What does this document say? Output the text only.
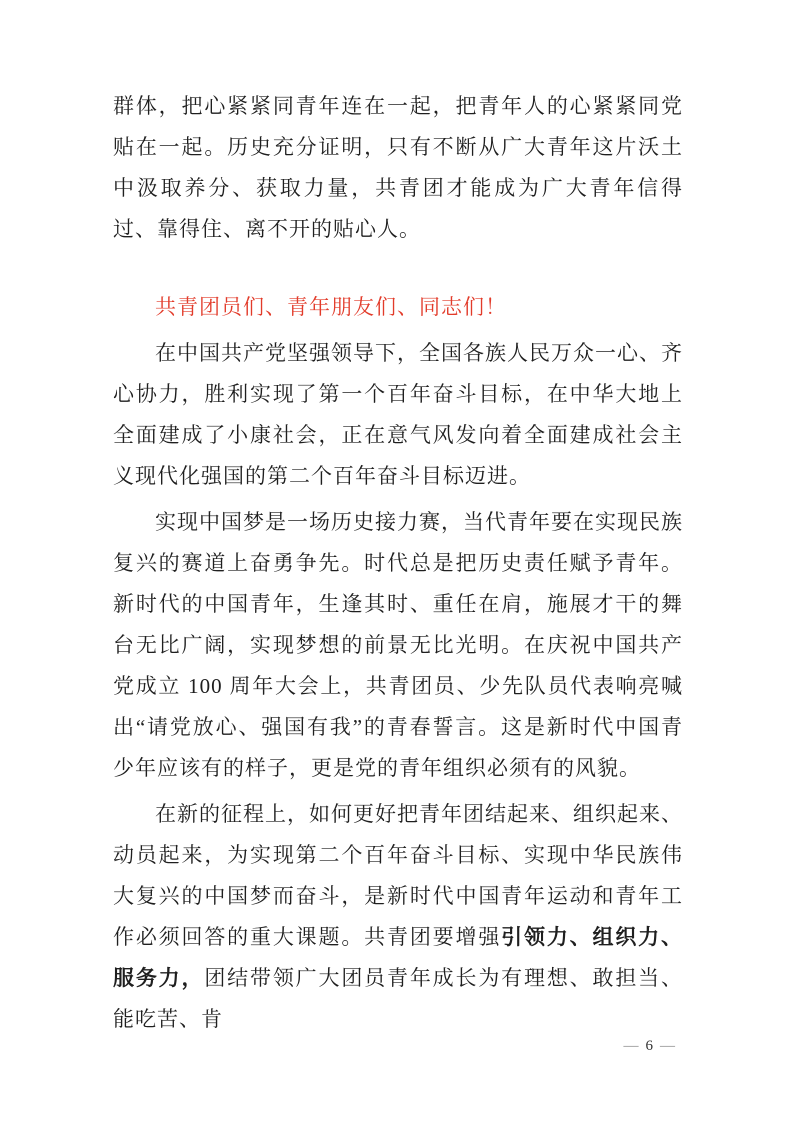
群体，把心紧紧同青年连在一起，把青年人的心紧紧同党贴在一起。历史充分证明，只有不断从广大青年这片沃土中汲取养分、获取力量，共青团才能成为广大青年信得过、靠得住、离不开的贴心人。

共青团员们、青年朋友们、同志们！

在中国共产党坚强领导下，全国各族人民万众一心、齐心协力，胜利实现了第一个百年奋斗目标，在中华大地上全面建成了小康社会，正在意气风发向着全面建成社会主义现代化强国的第二个百年奋斗目标迈进。

实现中国梦是一场历史接力赛，当代青年要在实现民族复兴的赛道上奋勇争先。时代总是把历史责任赋予青年。新时代的中国青年，生逢其时、重任在肩，施展才干的舞台无比广阔，实现梦想的前景无比光明。在庆祝中国共产党成立 100 周年大会上，共青团员、少先队员代表响亮喊出“请党放心、强国有我”的青春誓言。这是新时代中国青少年应该有的样子，更是党的青年组织必须有的风貌。

在新的征程上，如何更好把青年团结起来、组织起来、动员起来，为实现第二个百年奋斗目标、实现中华民族伟大复兴的中国梦而奋斗，是新时代中国青年运动和青年工作必须回答的重大课题。共青团要增强引领力、组织力、服务力，团结带领广大团员青年成长为有理想、敢担当、能吃苦、肯

— 6 —
